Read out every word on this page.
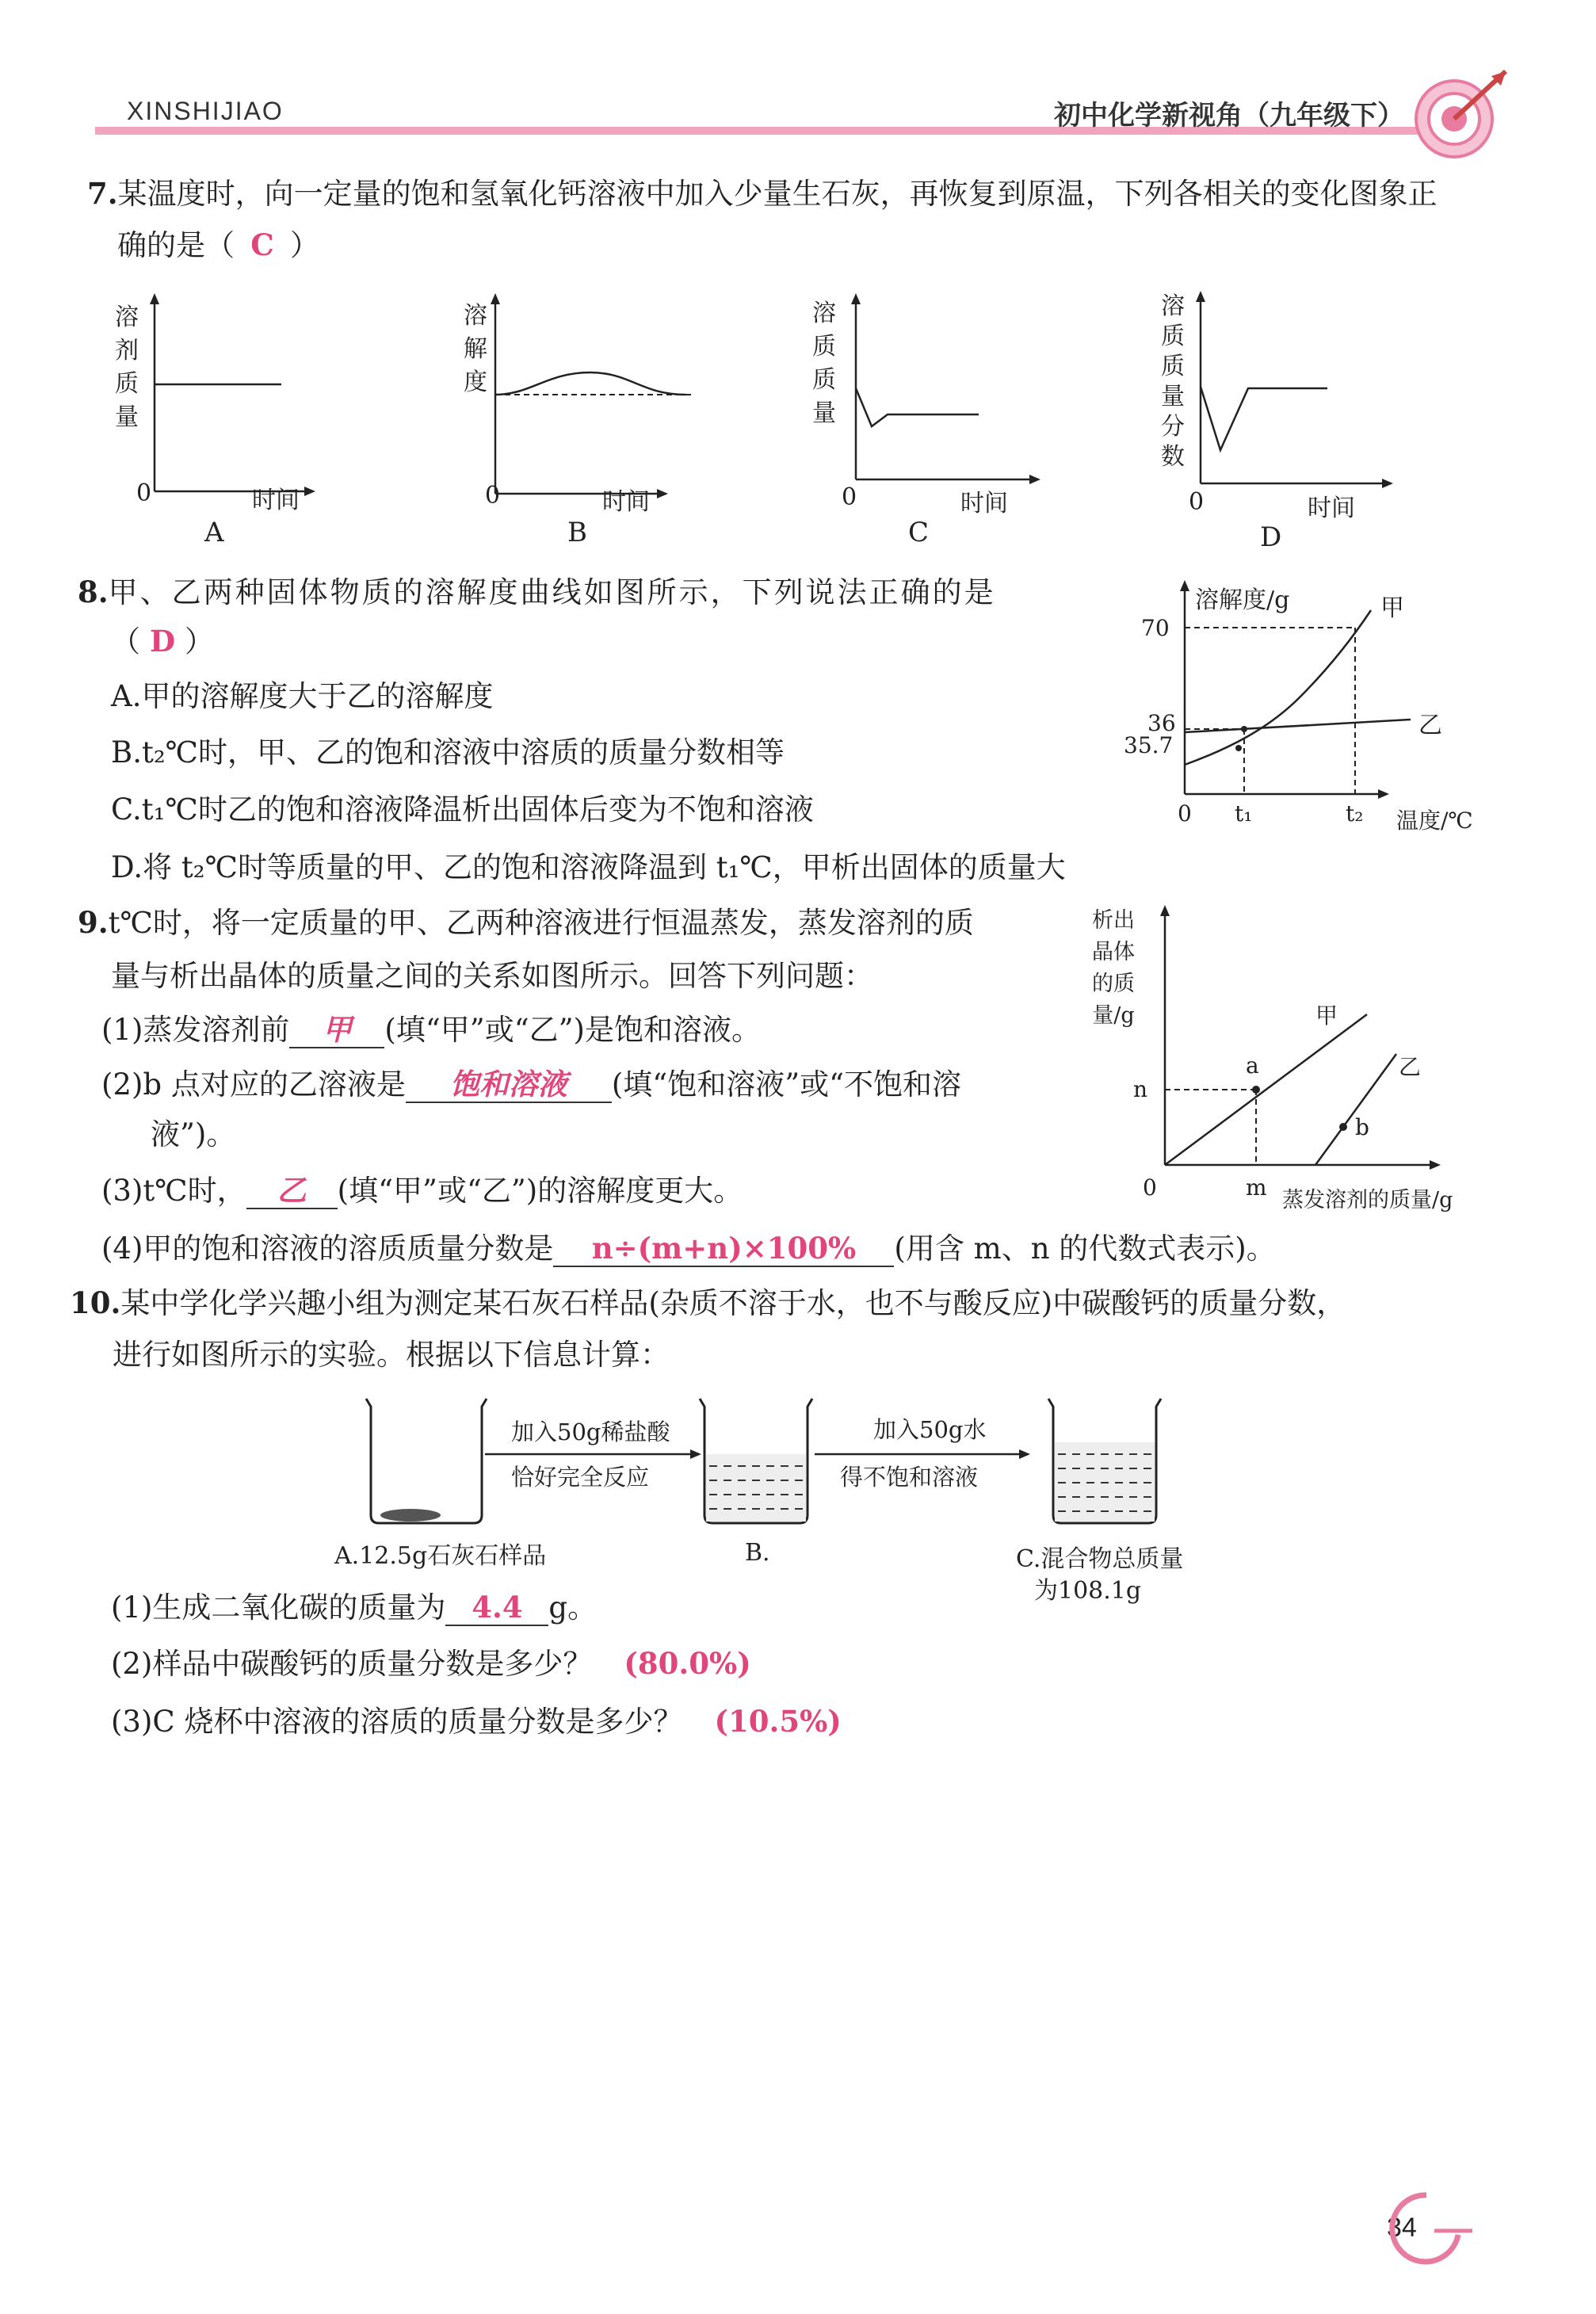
XINSHIJIAO	初中化学新视角（九年级下）
7.某温度时，向一定量的饱和氢氧化钙溶液中加入少量生石灰，再恢复到原温，下列各相关的变化图象正
确的是（ C ）
溶
剂
质
量
0	时间
A
溶
解
度
0	时间
B
溶
质
质
量
0	时间
C
溶
质
质
量
分
数
0	时间
D
8.甲、乙两种固体物质的溶解度曲线如图所示，下列说法正确的是
（ D ）
A.甲的溶解度大于乙的溶解度
B.t₂℃时，甲、乙的饱和溶液中溶质的质量分数相等
C.t₁℃时乙的饱和溶液降温析出固体后变为不饱和溶液
D.将 t₂℃时等质量的甲、乙的饱和溶液降温到 t₁℃，甲析出固体的质量大
溶解度/g	甲
乙
70
36
35.7
0 t₁	t₂ 温度/℃
9.t℃时，将一定质量的甲、乙两种溶液进行恒温蒸发，蒸发溶剂的质
量与析出晶体的质量之间的关系如图所示。回答下列问题：
(1)蒸发溶剂前 甲 (填“甲”或“乙”)是饱和溶液。
(2)b 点对应的乙溶液是 饱和溶液 (填“饱和溶液”或“不饱和溶
液”)。
(3)t℃时， 乙 (填“甲”或“乙”)的溶解度更大。
(4)甲的饱和溶液的溶质质量分数是 n÷(m+n)×100% (用含 m、n 的代数式表示)。
析出
晶体
的质
量/g	甲
乙
a
b
n
0	m 蒸发溶剂的质量/g
10.某中学化学兴趣小组为测定某石灰石样品(杂质不溶于水，也不与酸反应)中碳酸钙的质量分数，
进行如图所示的实验。根据以下信息计算：
加入50g稀盐酸
恰好完全反应
加入50g水
得不饱和溶液
A.12.5g石灰石样品	B.	C.混合物总质量
为108.1g
(1)生成二氧化碳的质量为 4.4 g。
(2)样品中碳酸钙的质量分数是多少？ (80.0%)
(3)C 烧杯中溶液的溶质的质量分数是多少？ (10.5%)
34
